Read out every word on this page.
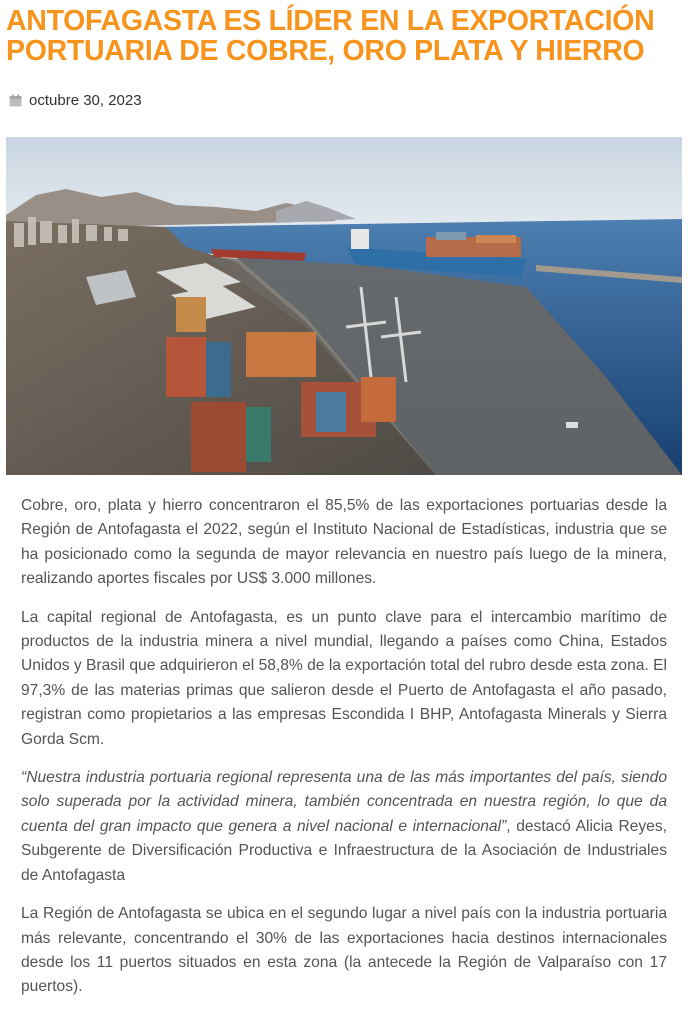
ANTOFAGASTA ES LÍDER EN LA EXPORTACIÓN PORTUARIA DE COBRE, ORO PLATA Y HIERRO
octubre 30, 2023

Cobre, oro, plata y hierro concentraron el 85,5% de las exportaciones portuarias desde la Región de Antofagasta el 2022, según el Instituto Nacional de Estadísticas, industria que se ha posicionado como la segunda de mayor relevancia en nuestro país luego de la minera, realizando aportes fiscales por US$ 3.000 millones.

La capital regional de Antofagasta, es un punto clave para el intercambio marítimo de productos de la industria minera a nivel mundial, llegando a países como China, Estados Unidos y Brasil que adquirieron el 58,8% de la exportación total del rubro desde esta zona. El 97,3% de las materias primas que salieron desde el Puerto de Antofagasta el año pasado, registran como propietarios a las empresas Escondida I BHP, Antofagasta Minerals y Sierra Gorda Scm.

“Nuestra industria portuaria regional representa una de las más importantes del país, siendo solo superada por la actividad minera, también concentrada en nuestra región, lo que da cuenta del gran impacto que genera a nivel nacional e internacional”, destacó Alicia Reyes, Subgerente de Diversificación Productiva e Infraestructura de la Asociación de Industriales de Antofagasta

La Región de Antofagasta se ubica en el segundo lugar a nivel país con la industria portuaria más relevante, concentrando el 30% de las exportaciones hacia destinos internacionales desde los 11 puertos situados en esta zona (la antecede la Región de Valparaíso con 17 puertos).
